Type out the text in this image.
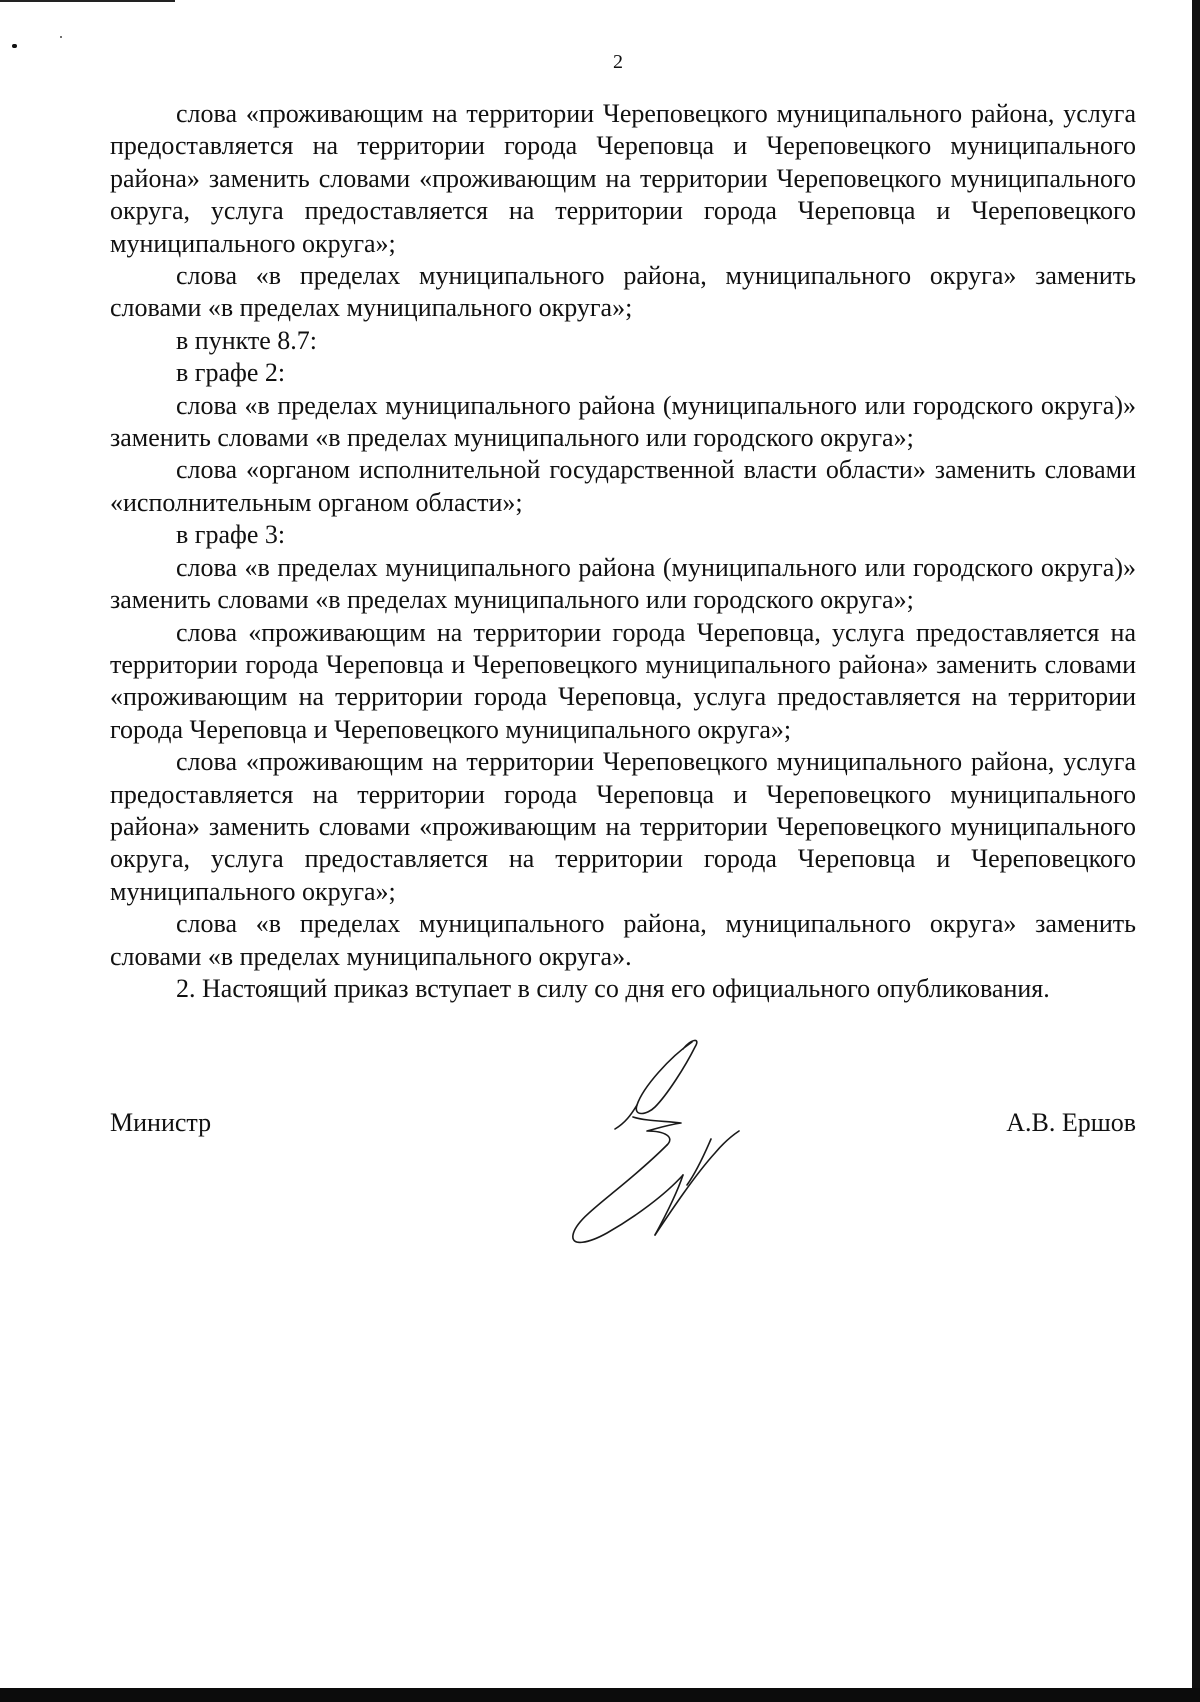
2

слова «проживающим на территории Череповецкого муниципального района, услуга предоставляется на территории города Череповца и Череповецкого муниципального района» заменить словами «проживающим на территории Череповецкого муниципального округа, услуга предоставляется на территории города Череповца и Череповецкого муниципального округа»;

слова «в пределах муниципального района, муниципального округа» заменить словами «в пределах муниципального округа»;

в пункте 8.7:

в графе 2:

слова «в пределах муниципального района (муниципального или городского округа)» заменить словами «в пределах муниципального или городского округа»;

слова «органом исполнительной государственной власти области» заменить словами «исполнительным органом области»;

в графе 3:

слова «в пределах муниципального района (муниципального или городского округа)» заменить словами «в пределах муниципального или городского округа»;

слова «проживающим на территории города Череповца, услуга предоставляется на территории города Череповца и Череповецкого муниципального района» заменить словами «проживающим на территории города Череповца, услуга предоставляется на территории города Череповца и Череповецкого муниципального округа»;

слова «проживающим на территории Череповецкого муниципального района, услуга предоставляется на территории города Череповца и Череповецкого муниципального района» заменить словами «проживающим на территории Череповецкого муниципального округа, услуга предоставляется на территории города Череповца и Череповецкого муниципального округа»;

слова «в пределах муниципального района, муниципального округа» заменить словами «в пределах муниципального округа».

2. Настоящий приказ вступает в силу со дня его официального опубликования.

Министр	А.В. Ершов
